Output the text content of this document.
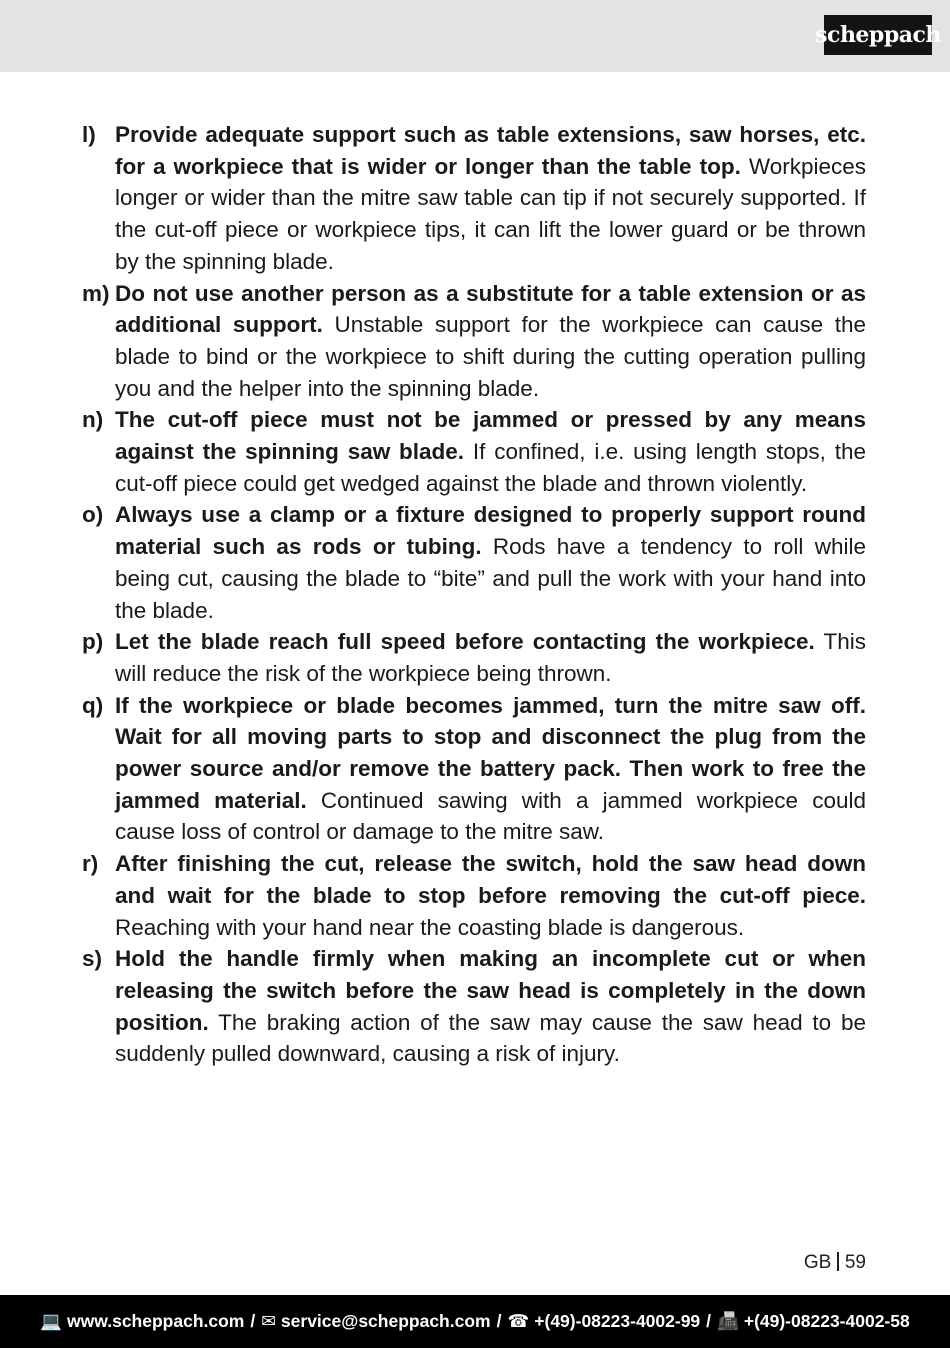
scheppach
l) Provide adequate support such as table extensions, saw horses, etc. for a workpiece that is wider or longer than the table top. Workpieces longer or wider than the mitre saw table can tip if not securely supported. If the cut-off piece or workpiece tips, it can lift the lower guard or be thrown by the spinning blade.
m) Do not use another person as a substitute for a table extension or as additional support. Unstable support for the workpiece can cause the blade to bind or the workpiece to shift during the cutting operation pulling you and the helper into the spinning blade.
n) The cut-off piece must not be jammed or pressed by any means against the spinning saw blade. If confined, i.e. using length stops, the cut-off piece could get wedged against the blade and thrown violently.
o) Always use a clamp or a fixture designed to properly support round material such as rods or tubing. Rods have a tendency to roll while being cut, causing the blade to “bite” and pull the work with your hand into the blade.
p) Let the blade reach full speed before contacting the workpiece. This will reduce the risk of the workpiece being thrown.
q) If the workpiece or blade becomes jammed, turn the mitre saw off. Wait for all moving parts to stop and disconnect the plug from the power source and/or remove the battery pack. Then work to free the jammed material. Continued sawing with a jammed workpiece could cause loss of control or damage to the mitre saw.
r) After finishing the cut, release the switch, hold the saw head down and wait for the blade to stop before removing the cut-off piece. Reaching with your hand near the coasting blade is dangerous.
s) Hold the handle firmly when making an incomplete cut or when releasing the switch before the saw head is completely in the down position. The braking action of the saw may cause the saw head to be suddenly pulled downward, causing a risk of injury.
GB 59
💻 www.scheppach.com / ✉ service@scheppach.com / ☎ +(49)-08223-4002-99 / 📠 +(49)-08223-4002-58
